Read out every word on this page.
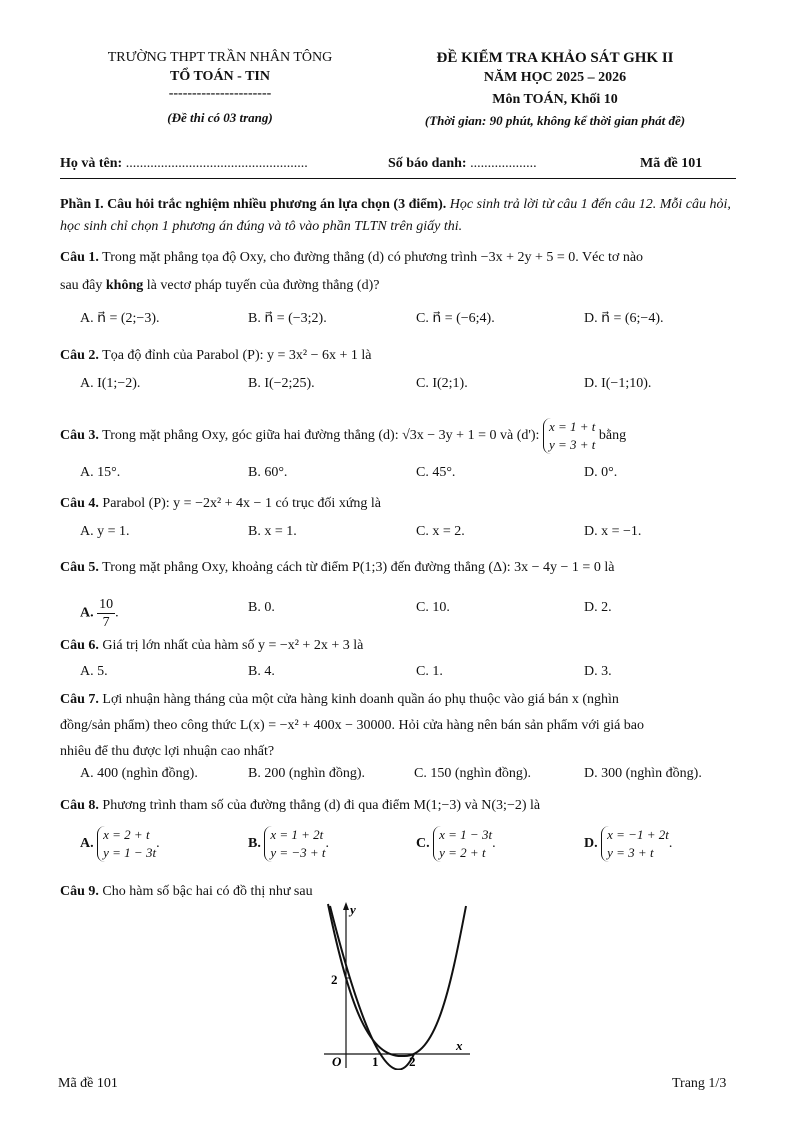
TRƯỜNG THPT TRẦN NHÂN TÔNG
TỔ TOÁN - TIN
----------------------
(Đề thi có 03 trang)
ĐỀ KIỂM TRA KHẢO SÁT GHK II
NĂM HỌC 2025 – 2026
Môn TOÁN, Khối 10
(Thời gian: 90 phút, không kể thời gian phát đề)
Họ và tên: ....................................................	Số báo danh: ...................	Mã đề 101
Phần I. Câu hỏi trắc nghiệm nhiều phương án lựa chọn (3 điểm). Học sinh trả lời từ câu 1 đến câu 12. Mỗi câu hỏi, học sinh chỉ chọn 1 phương án đúng và tô vào phần TLTN trên giấy thi.
Câu 1. Trong mặt phẳng tọa độ Oxy, cho đường thẳng (d) có phương trình −3x + 2y + 5 = 0. Véc tơ nào
sau đây không là vectơ pháp tuyến của đường thẳng (d)?
A. n⃗ = (2;−3).	B. n⃗ = (−3;2).	C. n⃗ = (−6;4).	D. n⃗ = (6;−4).
Câu 2. Tọa độ đỉnh của Parabol (P): y = 3x² − 6x + 1 là
A. I(1;−2).	B. I(−2;25).	C. I(2;1).	D. I(−1;10).
Câu 3. Trong mặt phẳng Oxy, góc giữa hai đường thẳng (d): √3x − 3y + 1 = 0 và (d'):
x = 1 + t
y = 3 + t
bằng
A. 15°.	B. 60°.	C. 45°.	D. 0°.
Câu 4. Parabol (P): y = −2x² + 4x − 1 có trục đối xứng là
A. y = 1.	B. x = 1.	C. x = 2.	D. x = −1.
Câu 5. Trong mặt phẳng Oxy, khoảng cách từ điểm P(1;3) đến đường thẳng (Δ): 3x − 4y − 1 = 0 là
A. $\frac{10}{7}$ .	B. 0.	C. 10.	D. 2.
Câu 6. Giá trị lớn nhất của hàm số y = −x² + 2x + 3 là
A. 5.	B. 4.	C. 1.	D. 3.
Câu 7. Lợi nhuận hàng tháng của một cửa hàng kinh doanh quần áo phụ thuộc vào giá bán x (nghìn
đồng/sản phẩm) theo công thức L(x) = −x² + 400x − 30000. Hỏi cửa hàng nên bán sản phẩm với giá bao
nhiêu để thu được lợi nhuận cao nhất?
A. 400 (nghìn đồng).	B. 200 (nghìn đồng).	C. 150 (nghìn đồng).	D. 300 (nghìn đồng).
Câu 8. Phương trình tham số của đường thẳng (d) đi qua điểm M(1;−3) và N(3;−2) là
A.
x = 2 + t
y = 1 − 3t
.	B.
x = 1 + 2t
y = −3 + t
.	C.
x = 1 − 3t
y = 2 + t
.	D.
x = −1 + 2t
y = 3 + t
.
Câu 9. Cho hàm số bậc hai có đồ thị như sau
2
y
x
O 1 2
Mã đề 101	Trang 1/3
